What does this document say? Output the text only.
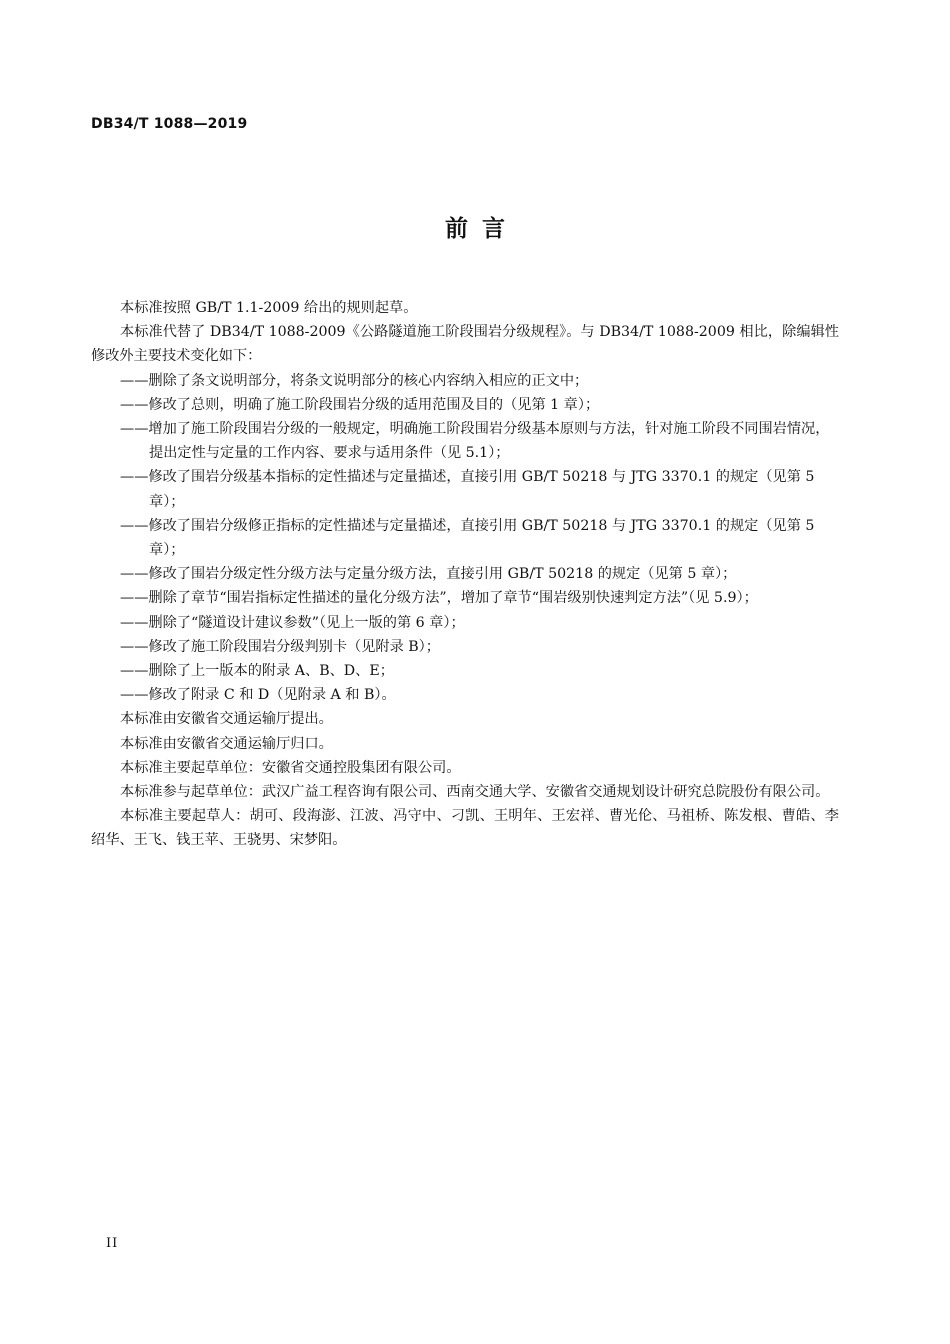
DB34/T 1088—2019
前言

本标准按照 GB/T 1.1-2009 给出的规则起草。

本标准代替了 DB34/T 1088-2009《公路隧道施工阶段围岩分级规程》。与 DB34/T 1088-2009 相比，除编辑性修改外主要技术变化如下：

——删除了条文说明部分，将条文说明部分的核心内容纳入相应的正文中；

——修改了总则，明确了施工阶段围岩分级的适用范围及目的（见第 1 章）；

——增加了施工阶段围岩分级的一般规定，明确施工阶段围岩分级基本原则与方法，针对施工阶段不同围岩情况，提出定性与定量的工作内容、要求与适用条件（见 5.1）；

——修改了围岩分级基本指标的定性描述与定量描述，直接引用 GB/T 50218 与 JTG 3370.1 的规定（见第 5 章）；

——修改了围岩分级修正指标的定性描述与定量描述，直接引用 GB/T 50218 与 JTG 3370.1 的规定（见第 5 章）；

——修改了围岩分级定性分级方法与定量分级方法，直接引用 GB/T 50218 的规定（见第 5 章）；

——删除了章节“围岩指标定性描述的量化分级方法”，增加了章节“围岩级别快速判定方法”（见 5.9）；

——删除了“隧道设计建议参数”（见上一版的第 6 章）；

——修改了施工阶段围岩分级判别卡（见附录 B）；

——删除了上一版本的附录 A、B、D、E；

——修改了附录 C 和 D（见附录 A 和 B）。

本标准由安徽省交通运输厅提出。

本标准由安徽省交通运输厅归口。

本标准主要起草单位：安徽省交通控股集团有限公司。

本标准参与起草单位：武汉广益工程咨询有限公司、西南交通大学、安徽省交通规划设计研究总院股份有限公司。

本标准主要起草人：胡可、段海澎、江波、冯守中、刁凯、王明年、王宏祥、曹光伦、马祖桥、陈发根、曹皓、李绍华、王飞、钱王苹、王骁男、宋梦阳。

II
